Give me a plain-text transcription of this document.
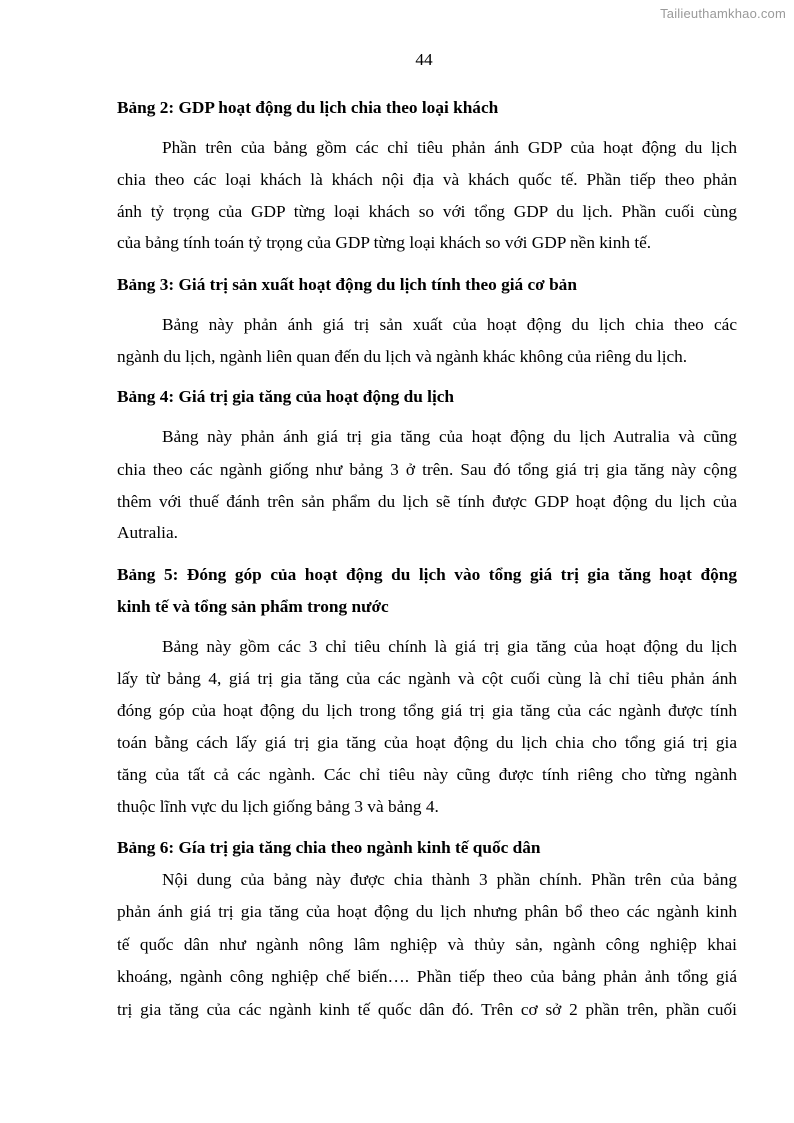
Tailieuthamkhao.com
44
Bảng 2: GDP hoạt động du lịch chia theo loại khách
Phần trên của bảng gồm các chỉ tiêu phản ánh GDP của hoạt động du lịch
chia theo các loại khách là khách nội địa và khách quốc tế. Phần tiếp theo phản
ánh tỷ trọng của GDP từng loại khách so với tổng GDP du lịch. Phần cuối cùng
của bảng tính toán tỷ trọng của GDP từng loại khách so với GDP nền kinh tế.
Bảng 3: Giá trị sản xuất hoạt động du lịch tính theo giá cơ bản
Bảng này phản ánh giá trị sản xuất của hoạt động du lịch chia theo các
ngành du lịch, ngành liên quan đến du lịch và ngành khác không của riêng du lịch.
Bảng 4: Giá trị gia tăng của hoạt động du lịch
Bảng này phản ánh giá trị gia tăng của hoạt động du lịch Autralia và cũng
chia theo các ngành giống như bảng 3 ở trên. Sau đó tổng giá trị gia tăng này cộng
thêm với thuế đánh trên sản phẩm du lịch sẽ tính được GDP hoạt động du lịch của
Autralia.
Bảng 5: Đóng góp của hoạt động du lịch vào tổng giá trị gia tăng hoạt động
kinh tế và tổng sản phẩm trong nước
Bảng này gồm các 3 chỉ tiêu chính là giá trị gia tăng của hoạt động du lịch
lấy từ bảng 4, giá trị gia tăng của các ngành và cột cuối cùng là chỉ tiêu phản ánh
đóng góp của hoạt động du lịch trong tổng giá trị gia tăng của các ngành được tính
toán bằng cách lấy giá trị gia tăng của hoạt động du lịch chia cho tổng giá trị gia
tăng của tất cả các ngành. Các chỉ tiêu này cũng được tính riêng cho từng ngành
thuộc lĩnh vực du lịch giống bảng 3 và bảng 4.
Bảng 6: Gía trị gia tăng chia theo ngành kinh tế quốc dân
Nội dung của bảng này được chia thành 3 phần chính. Phần trên của bảng
phản ánh giá trị gia tăng của hoạt động du lịch nhưng phân bổ theo các ngành kinh
tế quốc dân như ngành nông lâm nghiệp và thủy sản, ngành công nghiệp khai
khoáng, ngành công nghiệp chế biến…. Phần tiếp theo của bảng phản ảnh tổng giá
trị gia tăng của các ngành kinh tế quốc dân đó. Trên cơ sở 2 phần trên, phần cuối
